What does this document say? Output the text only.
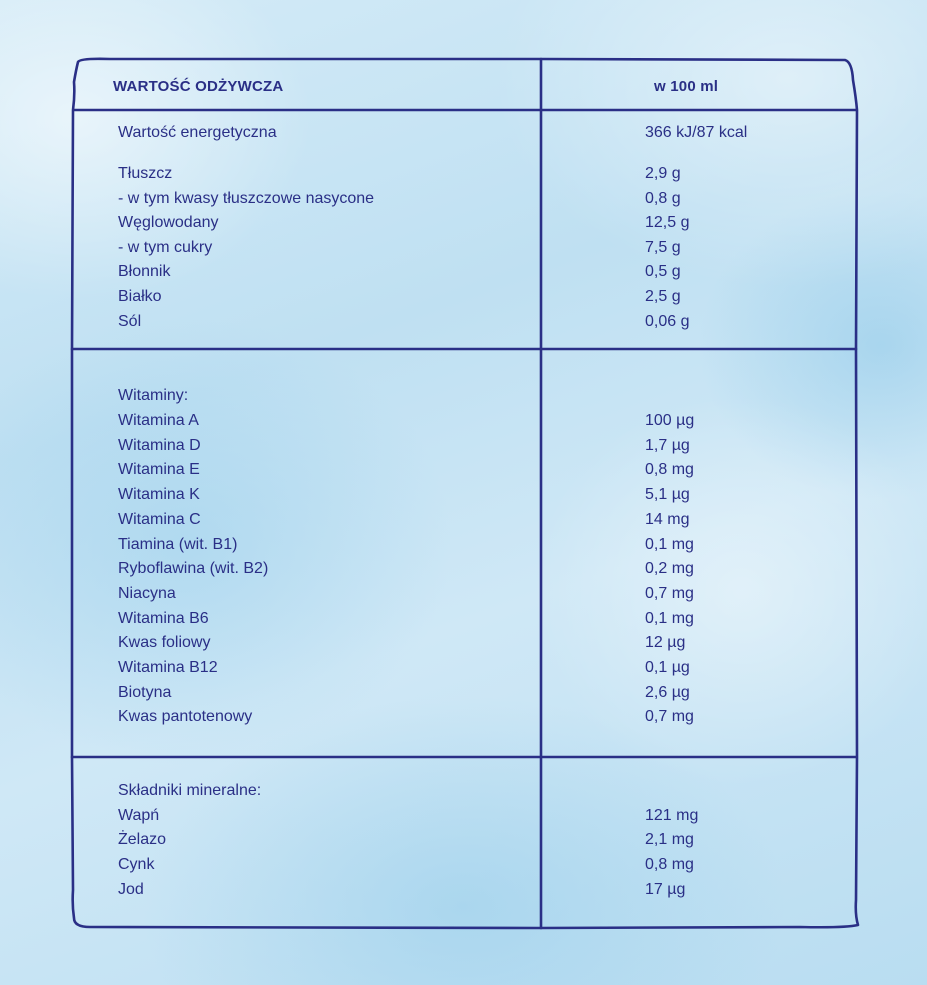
WARTOŚĆ ODŻYWCZA	w 100 ml
Wartość energetyczna	366 kJ/87 kcal
Tłuszcz	2,9 g
- w tym kwasy tłuszczowe nasycone	0,8 g
Węglowodany	12,5 g
- w tym cukry	7,5 g
Błonnik	0,5 g
Białko	2,5 g
Sól	0,06 g
Witaminy:
Witamina A	100 µg
Witamina D	1,7 µg
Witamina E	0,8 mg
Witamina K	5,1 µg
Witamina C	14 mg
Tiamina (wit. B1)	0,1 mg
Ryboflawina (wit. B2)	0,2 mg
Niacyna	0,7 mg
Witamina B6	0,1 mg
Kwas foliowy	12 µg
Witamina B12	0,1 µg
Biotyna	2,6 µg
Kwas pantotenowy	0,7 mg
Składniki mineralne:
Wapń	121 mg
Żelazo	2,1 mg
Cynk	0,8 mg
Jod	17 µg
